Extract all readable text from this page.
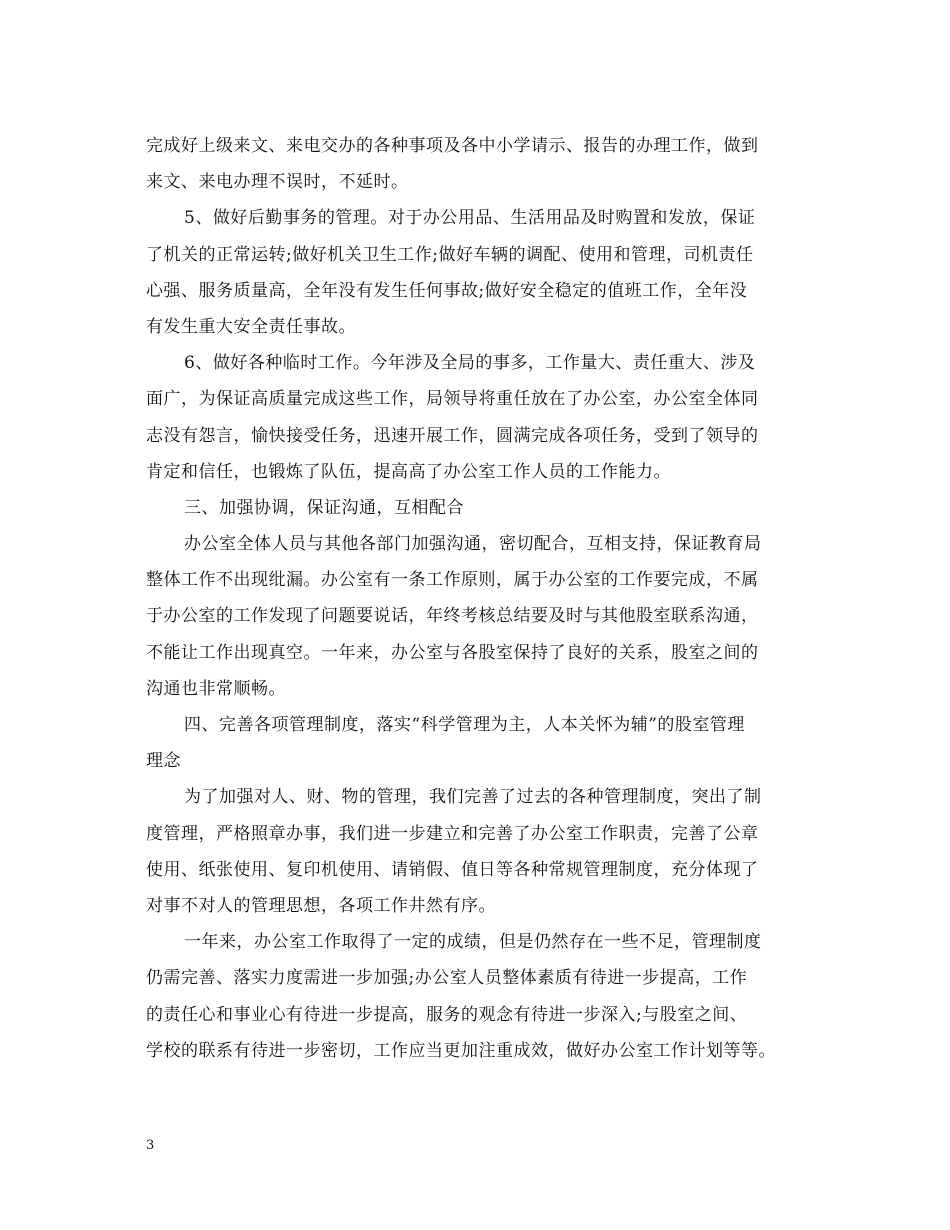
完成好上级来文、来电交办的各种事项及各中小学请示、报告的办理工作，做到
来文、来电办理不误时，不延时。
5、做好后勤事务的管理。对于办公用品、生活用品及时购置和发放，保证
了机关的正常运转;做好机关卫生工作;做好车辆的调配、使用和管理，司机责任
心强、服务质量高，全年没有发生任何事故;做好安全稳定的值班工作，全年没
有发生重大安全责任事故。
6、做好各种临时工作。今年涉及全局的事多，工作量大、责任重大、涉及
面广，为保证高质量完成这些工作，局领导将重任放在了办公室，办公室全体同
志没有怨言，愉快接受任务，迅速开展工作，圆满完成各项任务，受到了领导的
肯定和信任，也锻炼了队伍，提高高了办公室工作人员的工作能力。
三、加强协调，保证沟通，互相配合
办公室全体人员与其他各部门加强沟通，密切配合，互相支持，保证教育局
整体工作不出现纰漏。办公室有一条工作原则，属于办公室的工作要完成，不属
于办公室的工作发现了问题要说话，年终考核总结要及时与其他股室联系沟通，
不能让工作出现真空。一年来，办公室与各股室保持了良好的关系，股室之间的
沟通也非常顺畅。
四、完善各项管理制度，落实“科学管理为主，人本关怀为辅”的股室管理
理念
为了加强对人、财、物的管理，我们完善了过去的各种管理制度，突出了制
度管理，严格照章办事，我们进一步建立和完善了办公室工作职责，完善了公章
使用、纸张使用、复印机使用、请销假、值日等各种常规管理制度，充分体现了
对事不对人的管理思想，各项工作井然有序。
一年来，办公室工作取得了一定的成绩，但是仍然存在一些不足，管理制度
仍需完善、落实力度需进一步加强;办公室人员整体素质有待进一步提高，工作
的责任心和事业心有待进一步提高，服务的观念有待进一步深入;与股室之间、
学校的联系有待进一步密切，工作应当更加注重成效，做好办公室工作计划等等。
3
